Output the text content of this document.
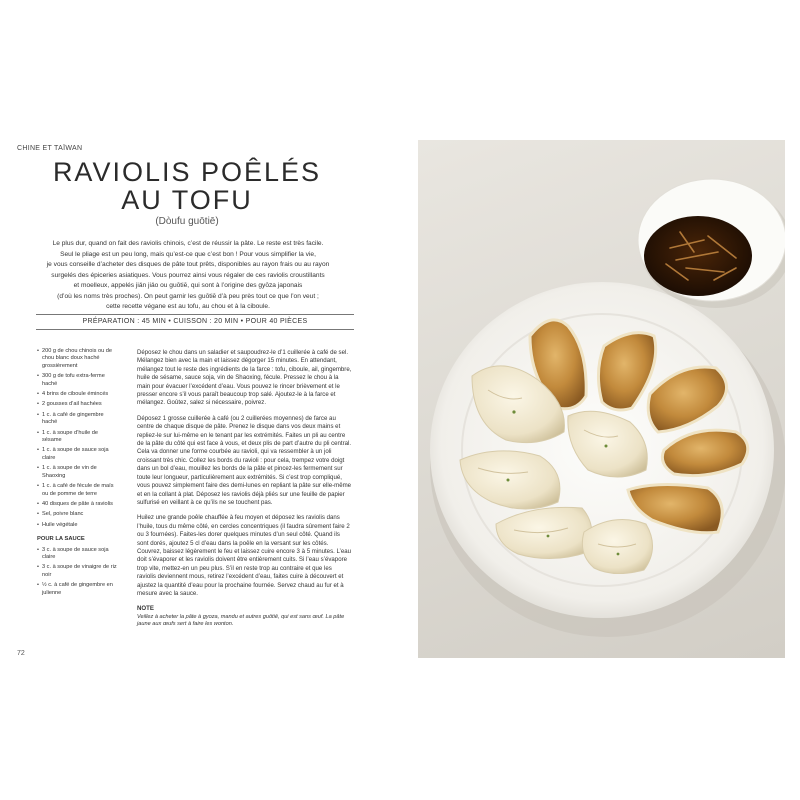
CHINE ET TAÏWAN
RAVIOLIS POÊLÉS
AU TOFU
(Dòufu guōtiē)

Le plus dur, quand on fait des raviolis chinois, c’est de réussir la pâte. Le reste est très facile.

Seul le pliage est un peu long, mais qu’est-ce que c’est bon ! Pour vous simplifier la vie,

je vous conseille d’acheter des disques de pâte tout prêts, disponibles au rayon frais ou au rayon

surgelés des épiceries asiatiques. Vous pourrez ainsi vous régaler de ces raviolis croustillants

et moelleux, appelés jiǎn jiǎo ou guōtiē, qui sont à l’origine des gyōza japonais

(d’où les noms très proches). On peut garnir les guōtiē d’à peu près tout ce que l’on veut ;

cette recette végane est au tofu, au chou et à la ciboule.

PRÉPARATION : 45 MIN • CUISSON : 20 MIN • POUR 40 PIÈCES
• 200 g de chou chinois ou de chou blanc doux haché grossièrement
• 300 g de tofu extra-ferme haché
• 4 brins de ciboule émincés
• 2 gousses d’ail hachées
• 1 c. à café de gingembre haché
• 1 c. à soupe d’huile de sésame
• 1 c. à soupe de sauce soja claire
• 1 c. à soupe de vin de Shaoxing
• 1 c. à café de fécule de maïs ou de pomme de terre
• 40 disques de pâte à raviolis
• Sel, poivre blanc
• Huile végétale
POUR LA SAUCE
• 3 c. à soupe de sauce soja claire
• 3 c. à soupe de vinaigre de riz noir
• ½ c. à café de gingembre en julienne

Déposez le chou dans un saladier et saupoudrez-le d’1 cuillerée à café de sel. Mélangez bien avec la main et laissez dégorger 15 minutes. En attendant, mélangez tout le reste des ingrédients de la farce : tofu, ciboule, ail, gingembre, huile de sésame, sauce soja, vin de Shaoxing, fécule. Pressez le chou à la main pour évacuer l’excédent d’eau. Vous pouvez le rincer brièvement et le presser encore s’il vous paraît beaucoup trop salé. Ajoutez-le à la farce et mélangez. Goûtez, salez si nécessaire, poivrez.

Déposez 1 grosse cuillerée à café (ou 2 cuillerées moyennes) de farce au centre de chaque disque de pâte. Prenez le disque dans vos deux mains et repliez-le sur lui-même en le tenant par les extrémités. Faites un pli au centre de la pâte du côté qui est face à vous, et deux plis de part d’autre du pli central. Cela va donner une forme courbée au ravioli, qui va ressembler à un joli croissant très chic. Collez les bords du ravioli : pour cela, trempez votre doigt dans un bol d’eau, mouillez les bords de la pâte et pincez-les fermement sur toute leur longueur, particulièrement aux extrémités. Si c’est trop compliqué, vous pouvez simplement faire des demi-lunes en repliant la pâte sur elle-même et en la collant à plat. Déposez les raviolis déjà pliés sur une feuille de papier sulfurisé en veillant à ce qu’ils ne se touchent pas.

Huilez une grande poêle chauffée à feu moyen et déposez les raviolis dans l’huile, tous du même côté, en cercles concentriques (il faudra sûrement faire 2 ou 3 fournées). Faites-les dorer quelques minutes d’un seul côté. Quand ils sont dorés, ajoutez 5 cl d’eau dans la poêle en la versant sur les côtés. Couvrez, baissez légèrement le feu et laissez cuire encore 3 à 5 minutes. L’eau doit s’évaporer et les raviolis doivent être entièrement cuits. Si l’eau s’évapore trop vite, mettez-en un peu plus. S’il en reste trop au contraire et que les raviolis deviennent mous, retirez l’excédent d’eau, faites cuire à découvert et ajustez la quantité d’eau pour la prochaine fournée. Servez chaud au fur et à mesure avec la sauce.

NOTE
Veillez à acheter la pâte à gyoza, mandu et autres guōtiē, qui est sans œuf. La pâte jaune aux œufs sert à faire les wonton.
72
